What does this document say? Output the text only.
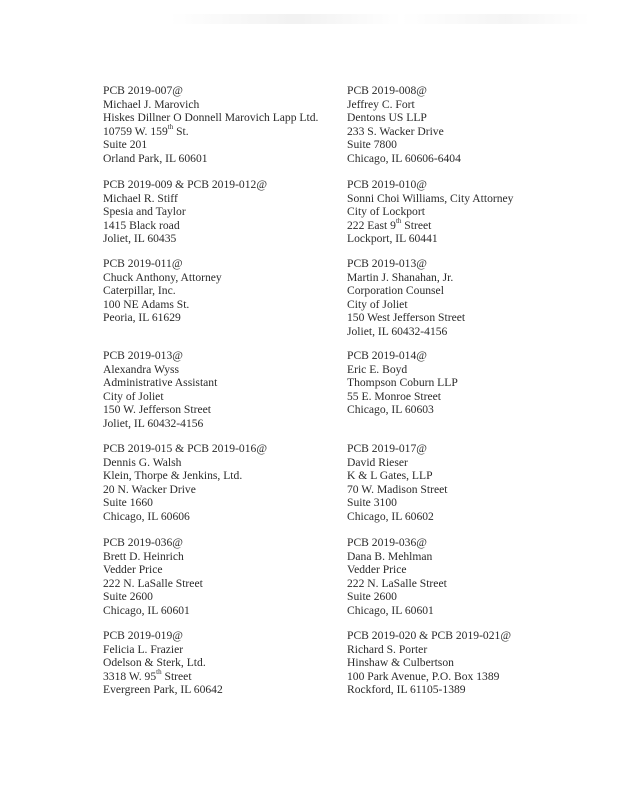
PCB 2019-007@
Michael J. Marovich
Hiskes Dillner O Donnell Marovich Lapp Ltd.
10759 W. 159th St.
Suite 201
Orland Park, IL 60601
PCB 2019-008@
Jeffrey C. Fort
Dentons US LLP
233 S. Wacker Drive
Suite 7800
Chicago, IL 60606-6404
PCB 2019-009 & PCB 2019-012@
Michael R. Stiff
Spesia and Taylor
1415 Black road
Joliet, IL 60435
PCB 2019-010@
Sonni Choi Williams, City Attorney
City of Lockport
222 East 9th Street
Lockport, IL 60441
PCB 2019-011@
Chuck Anthony, Attorney
Caterpillar, Inc.
100 NE Adams St.
Peoria, IL 61629
PCB 2019-013@
Martin J. Shanahan, Jr.
Corporation Counsel
City of Joliet
150 West Jefferson Street
Joliet, IL 60432-4156
PCB 2019-013@
Alexandra Wyss
Administrative Assistant
City of Joliet
150 W. Jefferson Street
Joliet, IL 60432-4156
PCB 2019-014@
Eric E. Boyd
Thompson Coburn LLP
55 E. Monroe Street
Chicago, IL 60603
PCB 2019-015 & PCB 2019-016@
Dennis G. Walsh
Klein, Thorpe & Jenkins, Ltd.
20 N. Wacker Drive
Suite 1660
Chicago, IL 60606
PCB 2019-017@
David Rieser
K & L Gates, LLP
70 W. Madison Street
Suite 3100
Chicago, IL 60602
PCB 2019-036@
Brett D. Heinrich
Vedder Price
222 N. LaSalle Street
Suite 2600
Chicago, IL 60601
PCB 2019-036@
Dana B. Mehlman
Vedder Price
222 N. LaSalle Street
Suite 2600
Chicago, IL 60601
PCB 2019-019@
Felicia L. Frazier
Odelson & Sterk, Ltd.
3318 W. 95th Street
Evergreen Park, IL 60642
PCB 2019-020 & PCB 2019-021@
Richard S. Porter
Hinshaw & Culbertson
100 Park Avenue, P.O. Box 1389
Rockford, IL 61105-1389
